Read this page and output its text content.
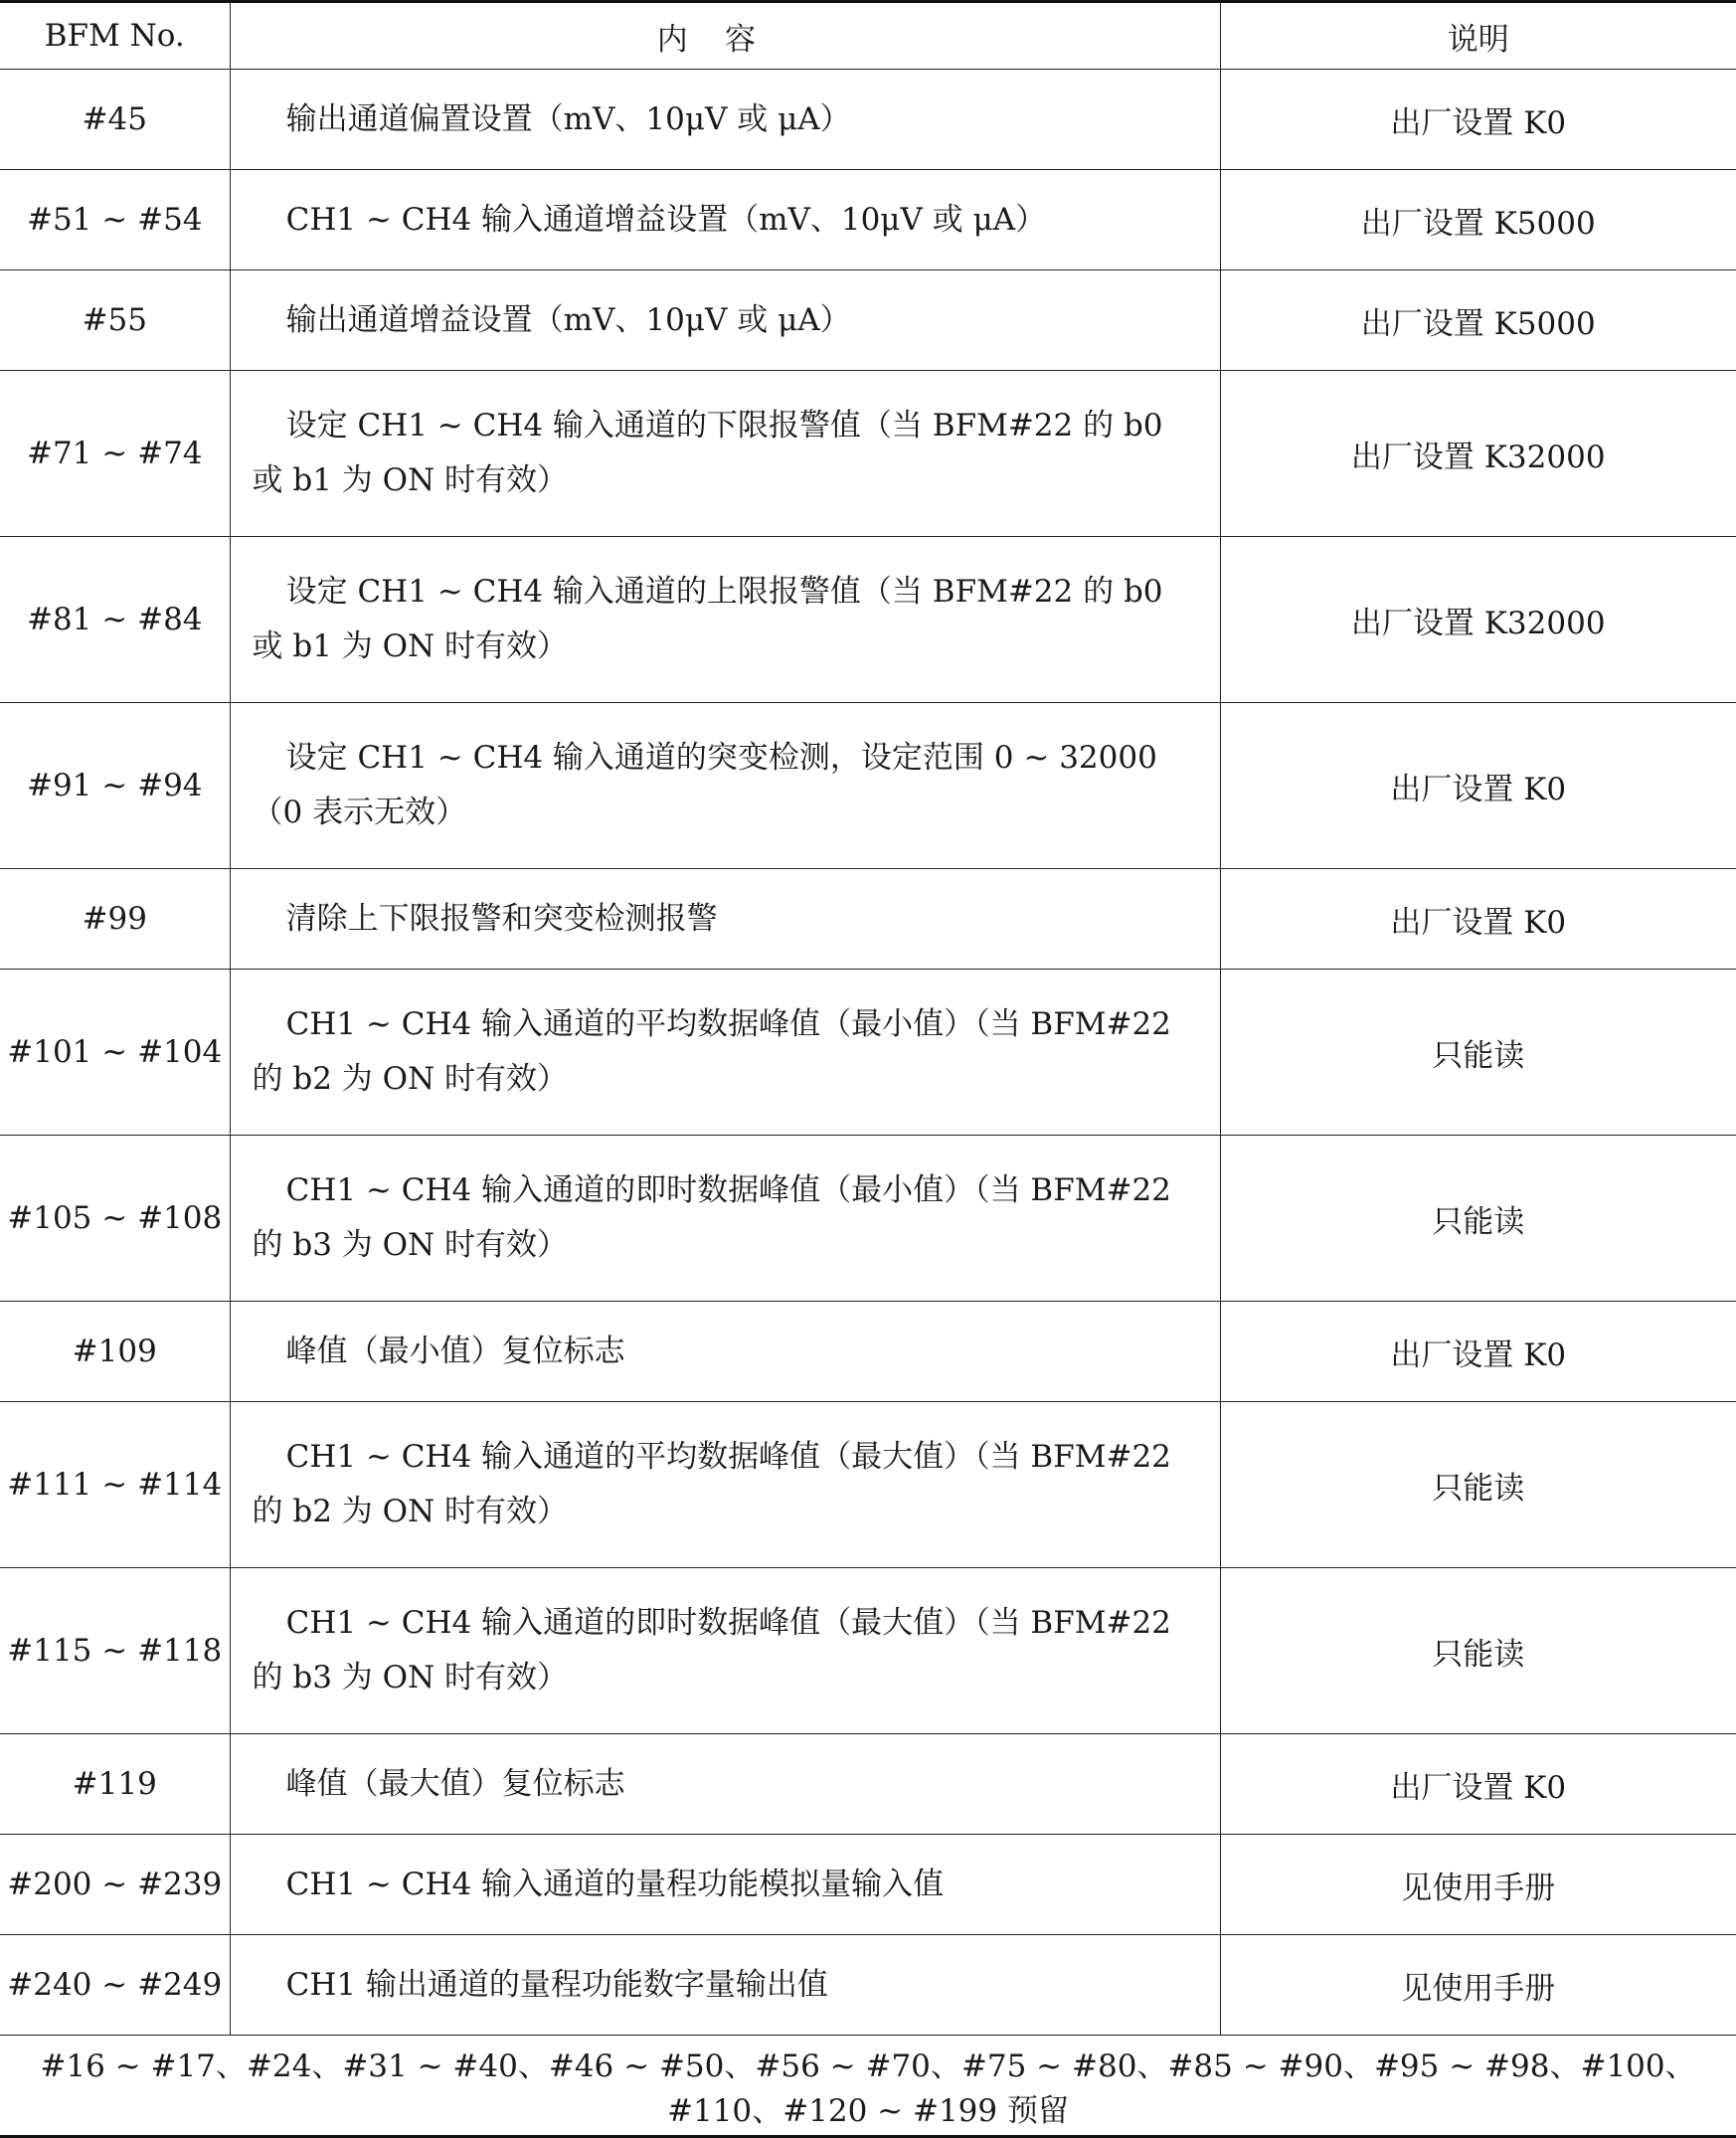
BFM No.	内容	说明
#45	输出通道偏置设置（mV、10μV 或 μA）	出厂设置 K0
#51 ~ #54	CH1 ~ CH4 输入通道增益设置（mV、10μV 或 μA）	出厂设置 K5000
#55	输出通道增益设置（mV、10μV 或 μA）	出厂设置 K5000
#71 ~ #74	设定 CH1 ~ CH4 输入通道的下限报警值（当 BFM#22 的 b0 或 b1 为 ON 时有效）	出厂设置 K32000
#81 ~ #84	设定 CH1 ~ CH4 输入通道的上限报警值（当 BFM#22 的 b0 或 b1 为 ON 时有效）	出厂设置 K32000
#91 ~ #94	设定 CH1 ~ CH4 输入通道的突变检测，设定范围 0 ~ 32000（0 表示无效）	出厂设置 K0
#99	清除上下限报警和突变检测报警	出厂设置 K0
#101 ~ #104	CH1 ~ CH4 输入通道的平均数据峰值（最小值）（当 BFM#22 的 b2 为 ON 时有效）	只能读
#105 ~ #108	CH1 ~ CH4 输入通道的即时数据峰值（最小值）（当 BFM#22 的 b3 为 ON 时有效）	只能读
#109	峰值（最小值）复位标志	出厂设置 K0
#111 ~ #114	CH1 ~ CH4 输入通道的平均数据峰值（最大值）（当 BFM#22 的 b2 为 ON 时有效）	只能读
#115 ~ #118	CH1 ~ CH4 输入通道的即时数据峰值（最大值）（当 BFM#22 的 b3 为 ON 时有效）	只能读
#119	峰值（最大值）复位标志	出厂设置 K0
#200 ~ #239	CH1 ~ CH4 输入通道的量程功能模拟量输入值	见使用手册
#240 ~ #249	CH1 输出通道的量程功能数字量输出值	见使用手册
#16 ~ #17、#24、#31 ~ #40、#46 ~ #50、#56 ~ #70、#75 ~ #80、#85 ~ #90、#95 ~ #98、#100、#110、#120 ~ #199 预留		
